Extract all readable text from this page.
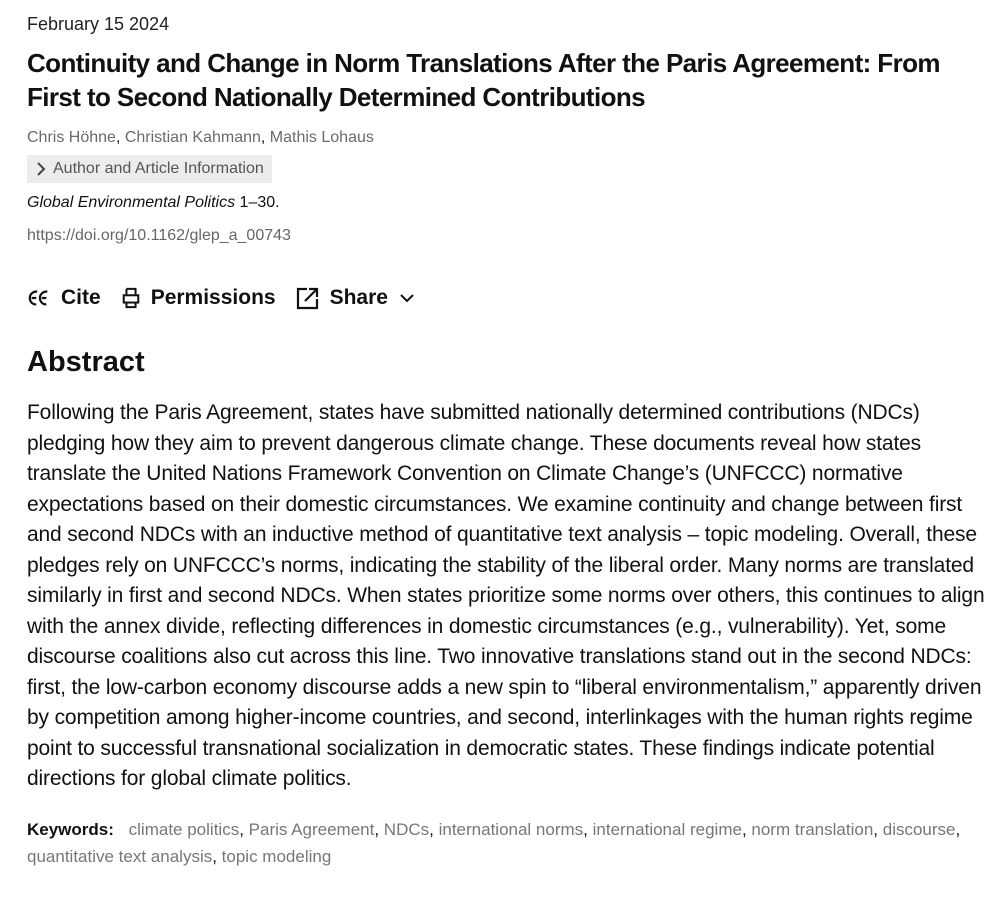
February 15 2024

Continuity and Change in Norm Translations After the Paris Agreement: From First to Second Nationally Determined Contributions
Chris Höhne, Christian Kahmann, Mathis Lohaus
Author and Article Information
Global Environmental Politics 1–30.
https://doi.org/10.1162/glep_a_00743
Cite Permissions	Share
Abstract

Following the Paris Agreement, states have submitted nationally determined contributions (NDCs) pledging how they aim to prevent dangerous climate change. These documents reveal how states translate the United Nations Framework Convention on Climate Change’s (UNFCCC) normative expectations based on their domestic circumstances. We examine continuity and change between first and second NDCs with an inductive method of quantitative text analysis – topic modeling. Overall, these pledges rely on UNFCCC’s norms, indicating the stability of the liberal order. Many norms are translated similarly in first and second NDCs. When states prioritize some norms over others, this continues to align with the annex divide, reflecting differences in domestic circumstances (e.g., vulnerability). Yet, some discourse coalitions also cut across this line. Two innovative translations stand out in the second NDCs: first, the low-carbon economy discourse adds a new spin to “liberal environmentalism,” apparently driven by competition among higher-income countries, and second, interlinkages with the human rights regime point to successful transnational socialization in democratic states. These findings indicate potential directions for global climate politics.

Keywords: climate politics, Paris Agreement, NDCs, international norms, international regime, norm translation, discourse, quantitative text analysis, topic modeling
